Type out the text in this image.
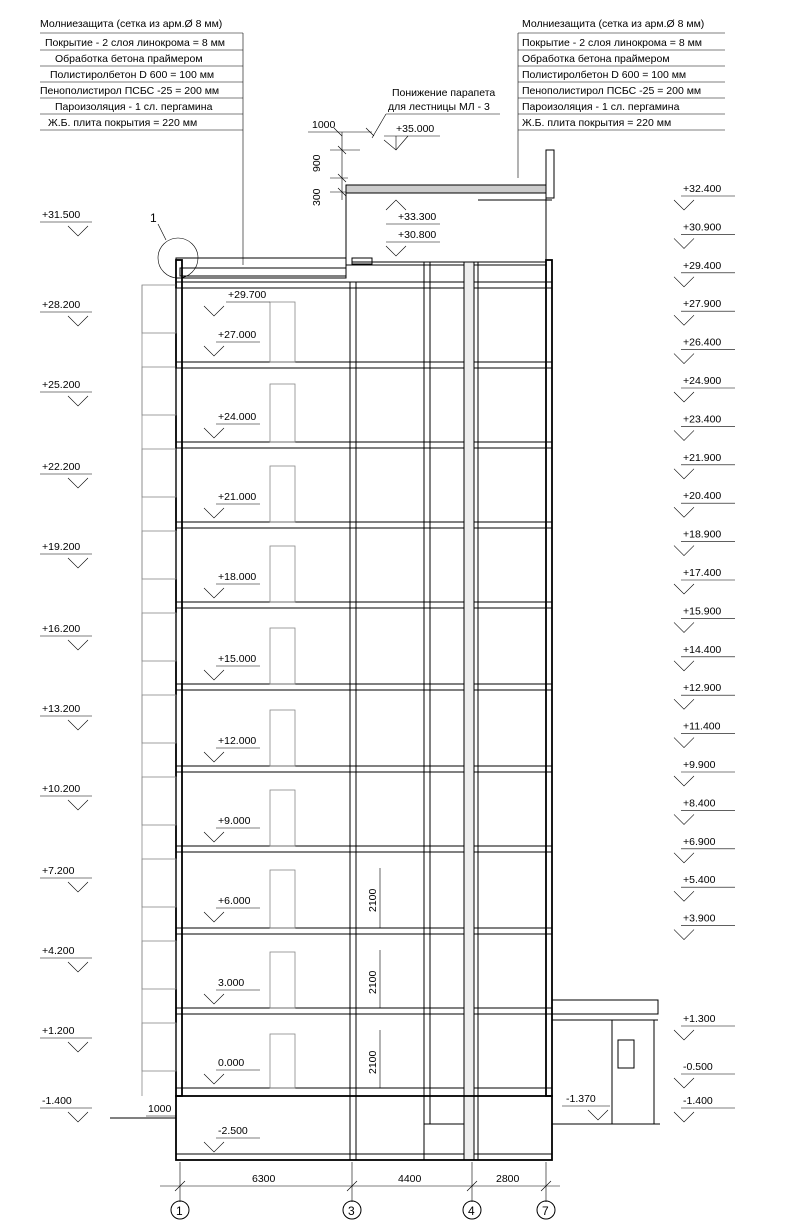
Молниезащита (сетка из арм.Ø 8 мм)
Покрытие - 2 слоя линокрома = 8 мм
Обработка бетона праймером
Полистиролбетон D 600 = 100 мм
Пенополистирол ПСБС -25 = 200 мм
Пароизоляция - 1 сл. пергамина
Ж.Б. плита покрытия = 220 мм
Молниезащита (сетка из арм.Ø 8 мм)
Покрытие - 2 слоя линокрома = 8 мм
Обработка бетона праймером
Полистиролбетон D 600 = 100 мм
Пенополистирол ПСБС -25 = 200 мм
Пароизоляция - 1 сл. пергамина
Ж.Б. плита покрытия = 220 мм
Понижение парапета
для лестницы МЛ - 3
1000
900
300
+35.000
+33.300
+30.800
1
+31.500
+28.200
+25.200
+22.200
+19.200
+16.200
+13.200
+10.200
+7.200
+4.200
+1.200
-1.400
+32.400
+30.900
+29.400
+27.900
+26.400
+24.900
+23.400
+21.900
+20.400
+18.900
+17.400
+15.900
+14.400
+12.900
+11.400
+9.900
+8.400
+6.900
+5.400
+3.900
+1.300
-0.500
-1.400
+29.700
+27.000
+24.000
+21.000
+18.000
+15.000
+12.000
+9.000
+6.000
3.000
0.000
-2.500
-1.370
1000
2100
2100
2100
6300	4400	2800
1	3	4	7
